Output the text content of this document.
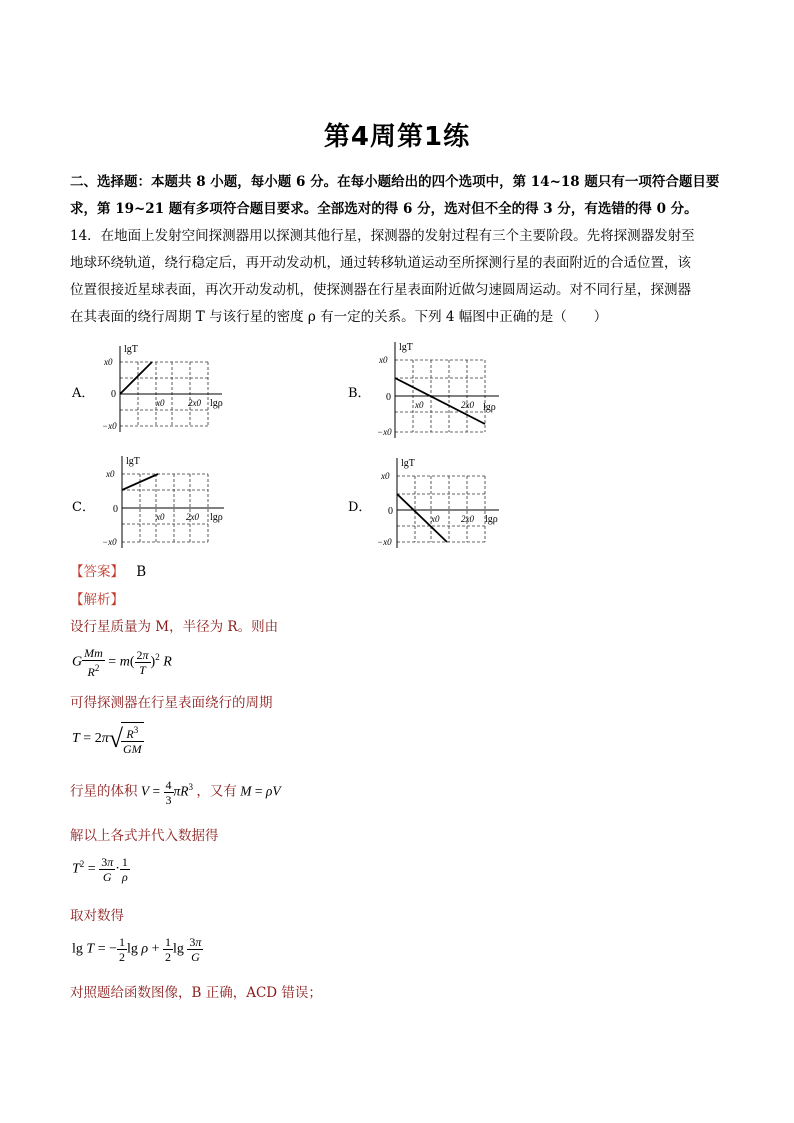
第4周第1练
二、选择题：本题共 8 小题，每小题 6 分。在每小题给出的四个选项中，第 14~18 题只有一项符合题目要
求，第 19~21 题有多项符合题目要求。全部选对的得 6 分，选对但不全的得 3 分，有选错的得 0 分。
14．在地面上发射空间探测器用以探测其他行星，探测器的发射过程有三个主要阶段。先将探测器发射至
地球环绕轨道，绕行稳定后，再开动发动机，通过转移轨道运动至所探测行星的表面附近的合适位置，该
位置很接近星球表面，再次开动发动机，使探测器在行星表面附近做匀速圆周运动。对不同行星，探测器
在其表面的绕行周期 T 与该行星的密度 ρ 有一定的关系。下列 4 幅图中正确的是（　　）
A．
lgT
x0
0
−x0
x0	2x0 lgρ
B．
lgT
x0
0
−x0
x0	2x0 lgρ
C．
lgT
x0
0
−x0
x0 2x0 lgρ
D．
lgT
x0
0
−x0
x0 2x0 lgρ
【答案】 B
【解析】
设行星质量为 M，半径为 R。则由
G $\frac{Mm}{R^2} = m( \frac{2\pi}{T} )^2$ R
可得探测器在行星表面绕行的周期
T = 2π√
$\frac{R^3}{GM}$
行星的体积 $V = \frac{4}{3} \pi R^3$ ，又有 M = ρV
解以上各式并代入数据得
$T^2 = \frac{3\pi}{G} \cdot \frac{1}{\rho}$
取对数得
lg T = − $\frac{1}{2}$ $\lg \rho + \frac{1}{2}$ $\lg \frac{3\pi}{G}$
对照题给函数图像，B 正确，ACD 错误；
